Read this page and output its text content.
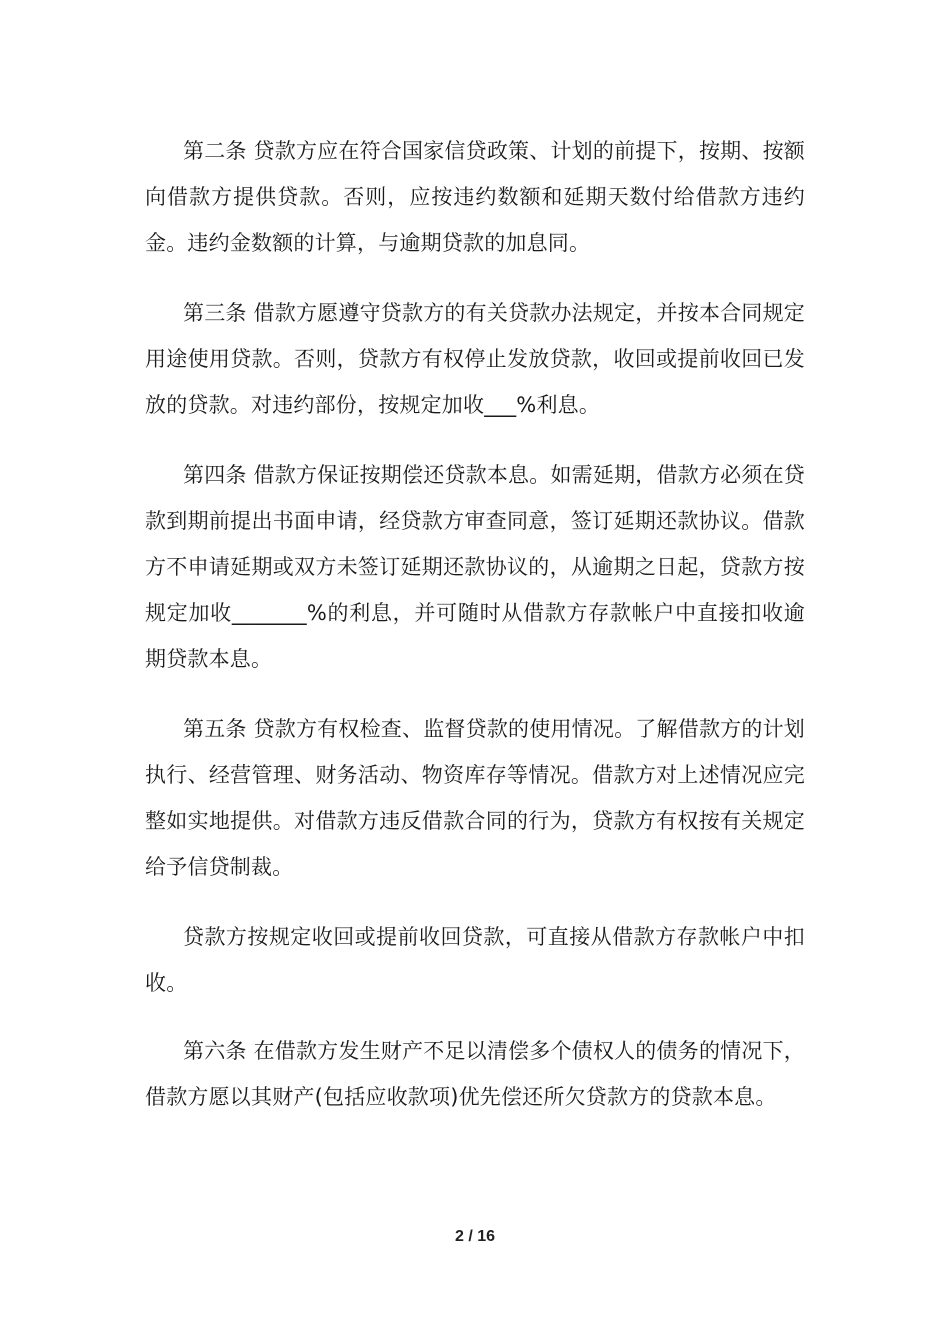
第二条 贷款方应在符合国家信贷政策、计划的前提下，按期、按额向借款方提供贷款。否则，应按违约数额和延期天数付给借款方违约金。违约金数额的计算，与逾期贷款的加息同。

第三条 借款方愿遵守贷款方的有关贷款办法规定，并按本合同规定用途使用贷款。否则，贷款方有权停止发放贷款，收回或提前收回已发放的贷款。对违约部份，按规定加收___%利息。

第四条 借款方保证按期偿还贷款本息。如需延期，借款方必须在贷款到期前提出书面申请，经贷款方审查同意，签订延期还款协议。借款方不申请延期或双方未签订延期还款协议的，从逾期之日起，贷款方按规定加收_______%的利息，并可随时从借款方存款帐户中直接扣收逾期贷款本息。

第五条 贷款方有权检查、监督贷款的使用情况。了解借款方的计划执行、经营管理、财务活动、物资库存等情况。借款方对上述情况应完整如实地提供。对借款方违反借款合同的行为，贷款方有权按有关规定给予信贷制裁。

贷款方按规定收回或提前收回贷款，可直接从借款方存款帐户中扣收。

第六条 在借款方发生财产不足以清偿多个债权人的债务的情况下，借款方愿以其财产(包括应收款项)优先偿还所欠贷款方的贷款本息。

2 / 16
